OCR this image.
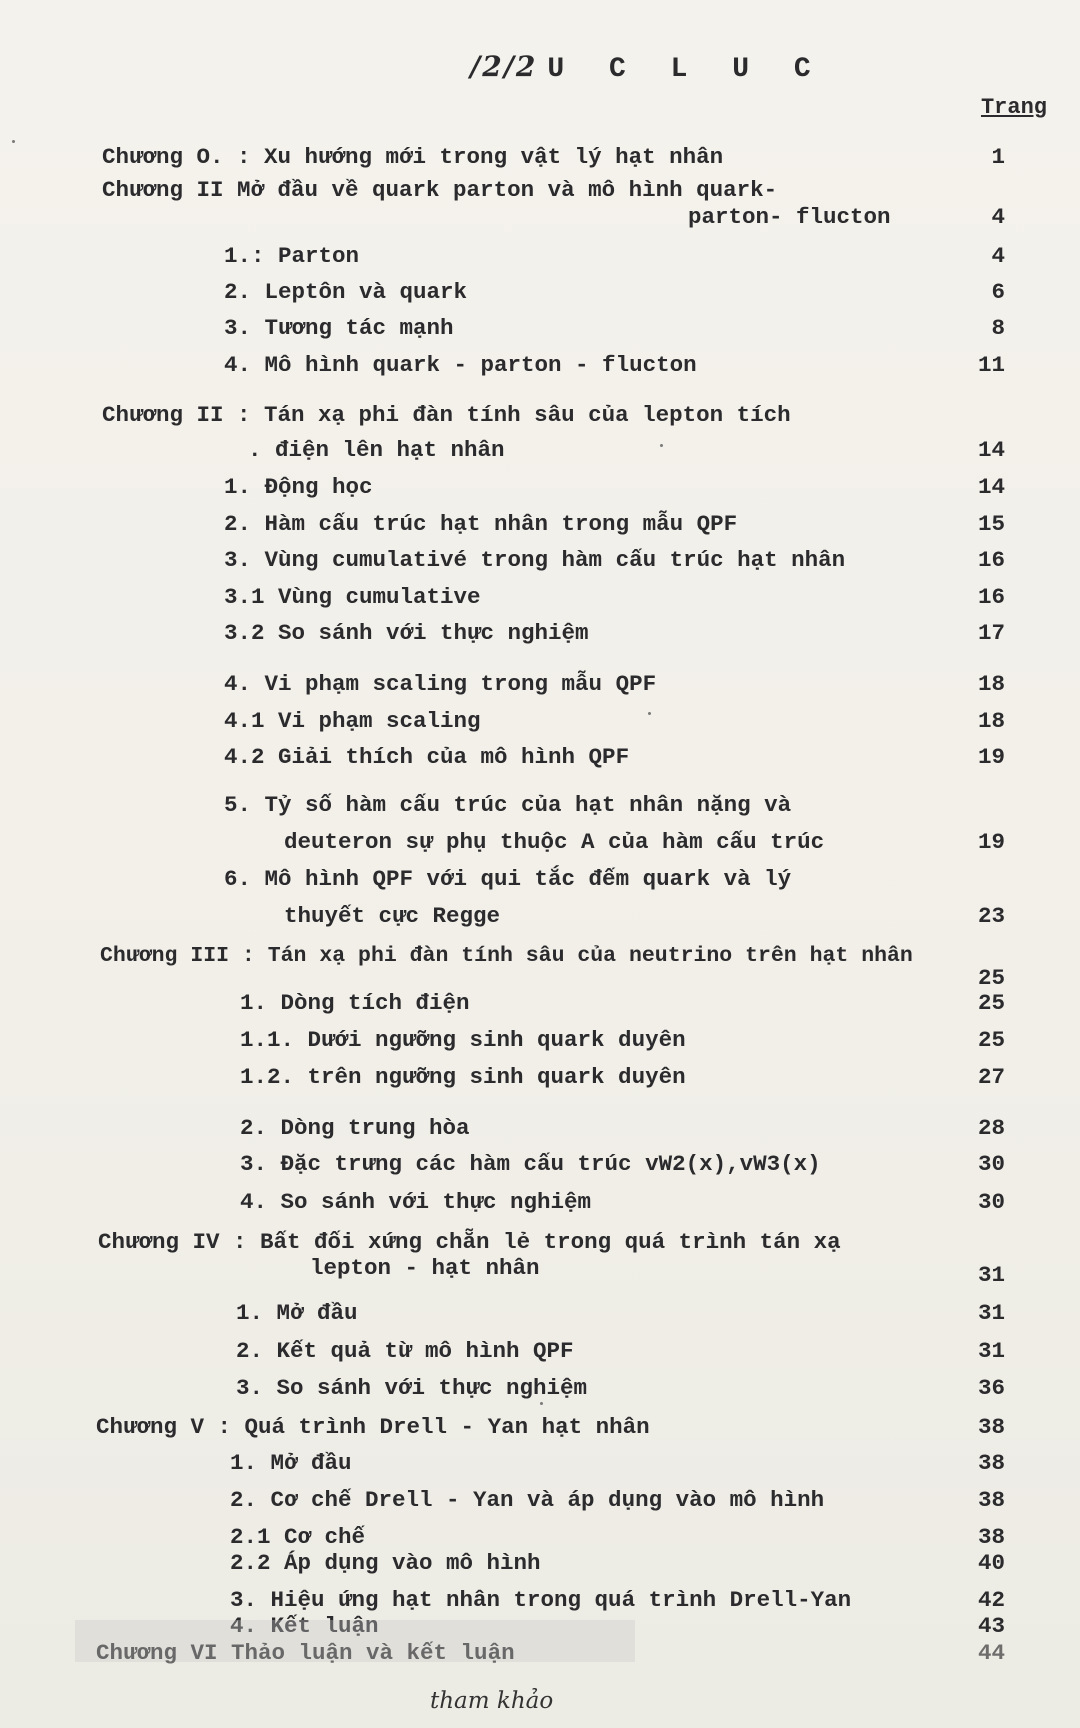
/2/2 U C L U C
Trang
Chương O. : Xu hướng mới trong vật lý hạt nhân	1
Chương II Mở đầu về quark parton và mô hình quark-
parton- flucton	4
1.: Parton	4
2. Leptôn và quark	6
3. Tương tác mạnh	8
4. Mô hình quark - parton - flucton	11
Chương II : Tán xạ phi đàn tính sâu của lepton tích
. điện lên hạt nhân	14
1. Động học	14
2. Hàm cấu trúc hạt nhân trong mẫu QPF	15
3. Vùng cumulativé trong hàm cấu trúc hạt nhân	16
3.1 Vùng cumulative	16
3.2 So sánh với thực nghiệm	17
4. Vi phạm scaling trong mẫu QPF	18
4.1 Vi phạm scaling	18
4.2 Giải thích của mô hình QPF	19
5. Tỷ số hàm cấu trúc của hạt nhân nặng và
deuteron sự phụ thuộc A của hàm cấu trúc	19
6. Mô hình QPF với qui tắc đếm quark và lý
thuyết cực Regge	23
Chương III : Tán xạ phi đàn tính sâu của neutrino trên hạt nhân
25
1. Dòng tích điện	25
1.1. Dưới ngưỡng sinh quark duyên	25
1.2. trên ngưỡng sinh quark duyên	27
2. Dòng trung hòa	28
3. Đặc trưng các hàm cấu trúc vW2(x),vW3(x)	30
4. So sánh với thực nghiệm	30
Chương IV : Bất đối xứng chẵn lẻ trong quá trình tán xạ
lepton - hạt nhân	31
1. Mở đầu	31
2. Kết quả từ mô hình QPF	31
3. So sánh với thực nghiệm	36
Chương V : Quá trình Drell - Yan hạt nhân	38
1. Mở đầu	38
2. Cơ chế Drell - Yan và áp dụng vào mô hình	38
2.1 Cơ chế	38
2.2 Áp dụng vào mô hình	40
3. Hiệu ứng hạt nhân trong quá trình Drell-Yan	42
4. Kết luận	43
Chương VI Thảo luận và kết luận	44
tham khảo
